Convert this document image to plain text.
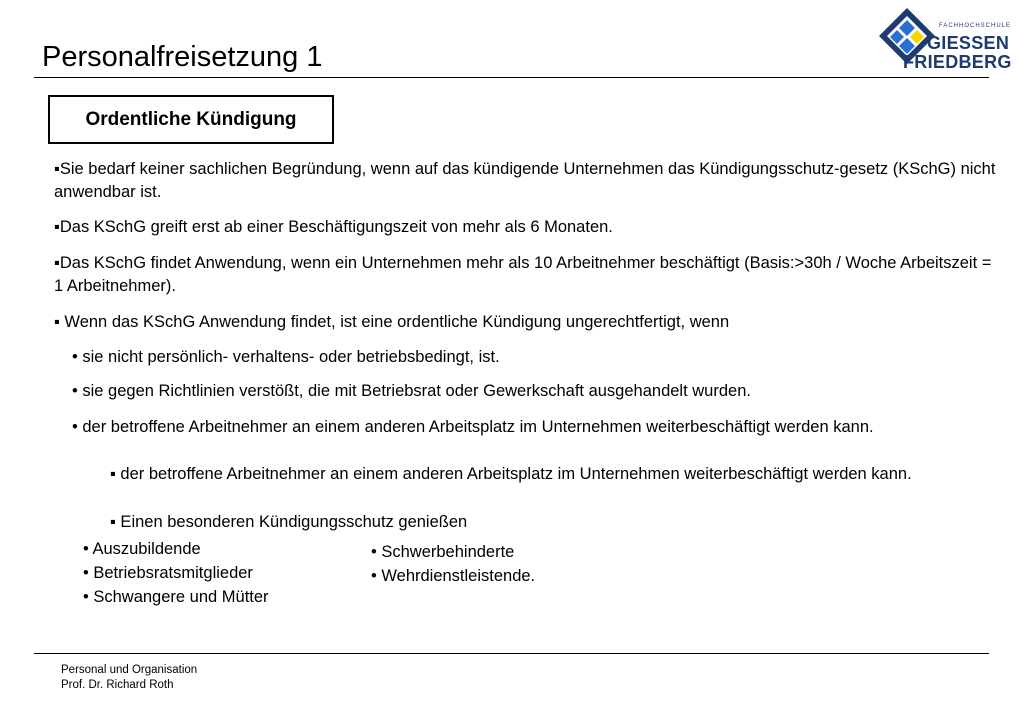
Personalfreisetzung 1
FACHHOCHSCHULE
GIESSEN
FRIEDBERG
Ordentliche Kündigung

▪Sie bedarf keiner sachlichen Begründung, wenn auf das kündigende Unternehmen das Kündigungsschutz-gesetz (KSchG) nicht anwendbar ist.

▪Das KSchG greift erst ab einer Beschäftigungszeit von mehr als 6 Monaten.

▪Das KSchG findet Anwendung, wenn ein Unternehmen mehr als 10 Arbeitnehmer beschäftigt (Basis:>30h / Woche Arbeitszeit = 1 Arbeitnehmer).

▪ Wenn das KSchG Anwendung findet, ist eine ordentliche Kündigung ungerechtfertigt, wenn

• sie nicht persönlich- verhaltens- oder betriebsbedingt, ist.

• sie gegen Richtlinien verstößt, die mit Betriebsrat oder Gewerkschaft ausgehandelt wurden.

• der betroffene Arbeitnehmer an einem anderen Arbeitsplatz im Unternehmen weiterbeschäftigt werden kann.

▪ der betroffene Arbeitnehmer an einem anderen Arbeitsplatz im Unternehmen weiterbeschäftigt werden kann.

▪ Einen besonderen Kündigungsschutz genießen

• Auszubildende

• Betriebsratsmitglieder

• Schwangere und Mütter

• Schwerbehinderte

• Wehrdienstleistende.

Personal und Organisation
Prof. Dr. Richard Roth
